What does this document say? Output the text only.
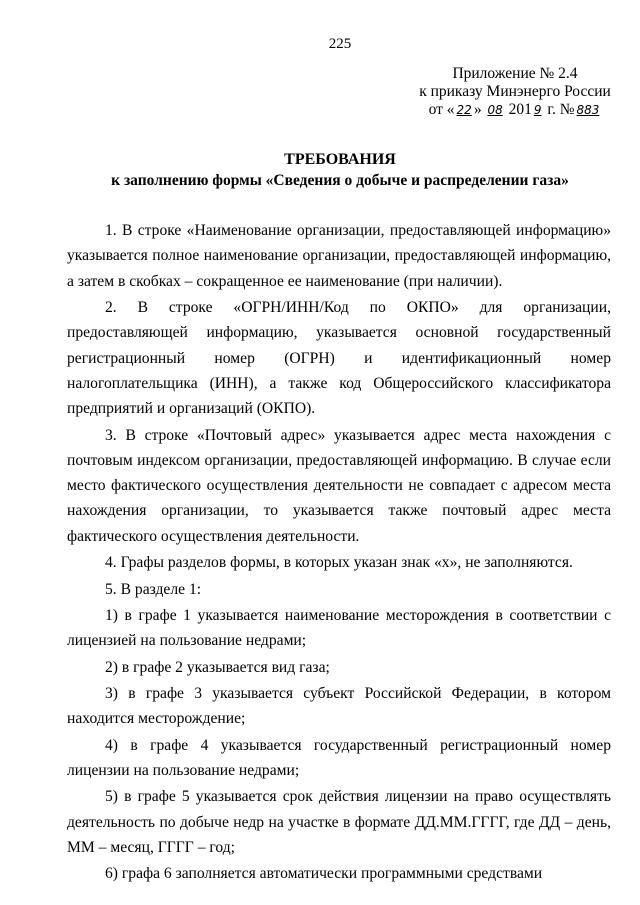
225
Приложение № 2.4
к приказу Минэнерго России
от « 22 » 08 201 9 г. № 883
ТРЕБОВАНИЯ
к заполнению формы «Сведения о добыче и распределении газа»

1. В строке «Наименование организации, предоставляющей информацию» указывается полное наименование организации, предоставляющей информацию, а затем в скобках – сокращенное ее наименование (при наличии).

2. В строке «ОГРН/ИНН/Код по ОКПО» для организации, предоставляющей информацию, указывается основной государственный регистрационный номер (ОГРН) и идентификационный номер налогоплательщика (ИНН), а также код Общероссийского классификатора предприятий и организаций (ОКПО).

3. В строке «Почтовый адрес» указывается адрес места нахождения с почтовым индексом организации, предоставляющей информацию. В случае если место фактического осуществления деятельности не совпадает с адресом места нахождения организации, то указывается также почтовый адрес места фактического осуществления деятельности.

4. Графы разделов формы, в которых указан знак «х», не заполняются.

5. В разделе 1:

1) в графе 1 указывается наименование месторождения в соответствии с лицензией на пользование недрами;

2) в графе 2 указывается вид газа;

3) в графе 3 указывается субъект Российской Федерации, в котором находится месторождение;

4) в графе 4 указывается государственный регистрационный номер лицензии на пользование недрами;

5) в графе 5 указывается срок действия лицензии на право осуществлять деятельность по добыче недр на участке в формате ДД.ММ.ГГГГ, где ДД – день, ММ – месяц, ГГГГ – год;

6) графа 6 заполняется автоматически программными средствами
